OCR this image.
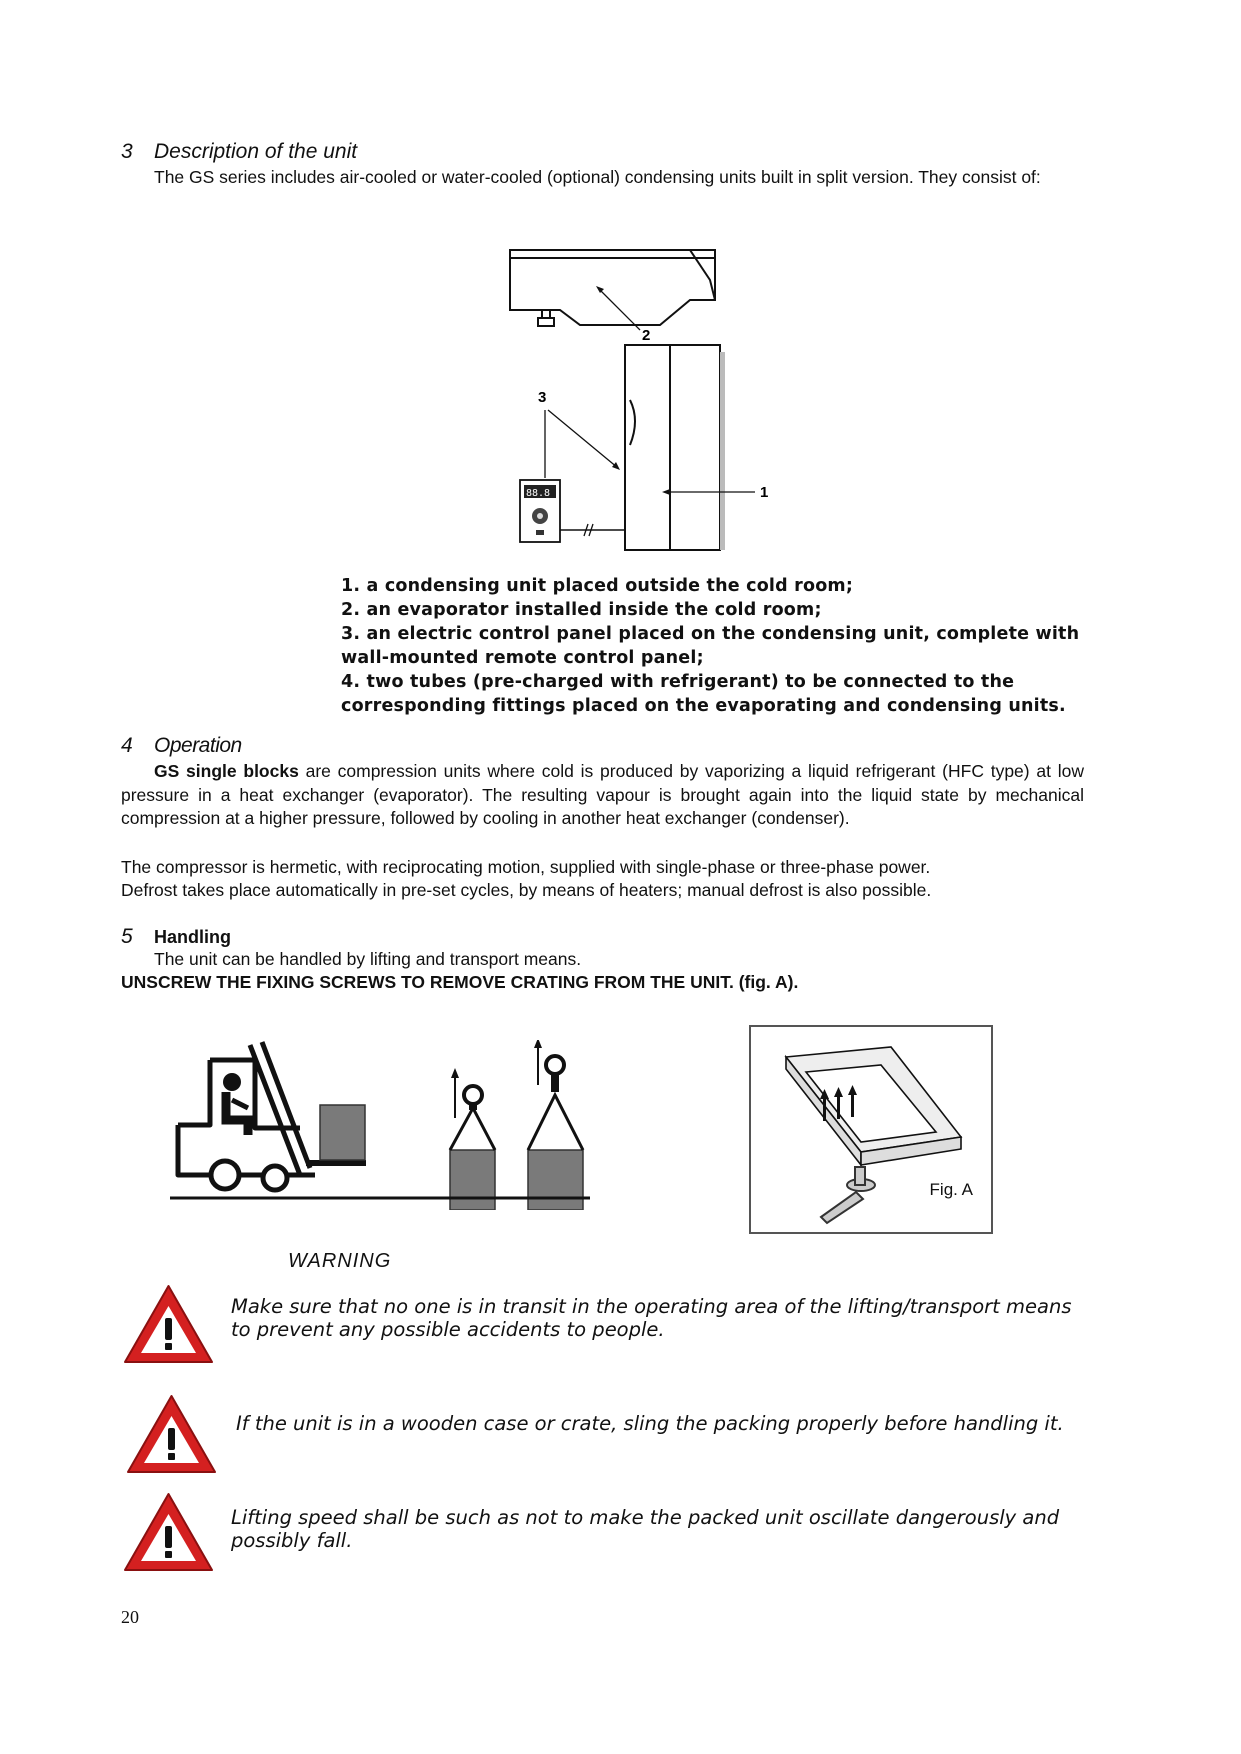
3 Description of the unit
The GS series includes air-cooled or water-cooled (optional) condensing units built in split version. They consist of:
2
1
3
88.8
1. a condensing unit placed outside the cold room;
2. an evaporator installed inside the cold room;
3. an electric control panel placed on the condensing unit, complete with wall-mounted remote control panel;
4. two tubes (pre-charged with refrigerant) to be connected to the corresponding fittings placed on the evaporating and condensing units.
4 Operation
GS single blocks are compression units where cold is produced by vaporizing a liquid refrigerant (HFC type) at low pressure in a heat exchanger (evaporator). The resulting vapour is brought again into the liquid state by mechanical compression at a higher pressure, followed by cooling in another heat exchanger (condenser).
The compressor is hermetic, with reciprocating motion, supplied with single-phase or three-phase power.
Defrost takes place automatically in pre-set cycles, by means of heaters; manual defrost is also possible.
5 Handling
The unit can be handled by lifting and transport means.
UNSCREW THE FIXING SCREWS TO REMOVE CRATING FROM THE UNIT. (fig. A).
Fig. A
WARNING
Make sure that no one is in transit in the operating area of the lifting/transport means to prevent any possible accidents to people.
If the unit is in a wooden case or crate, sling the packing properly before handling it.
Lifting speed shall be such as not to make the packed unit oscillate dangerously and possibly fall.
20
